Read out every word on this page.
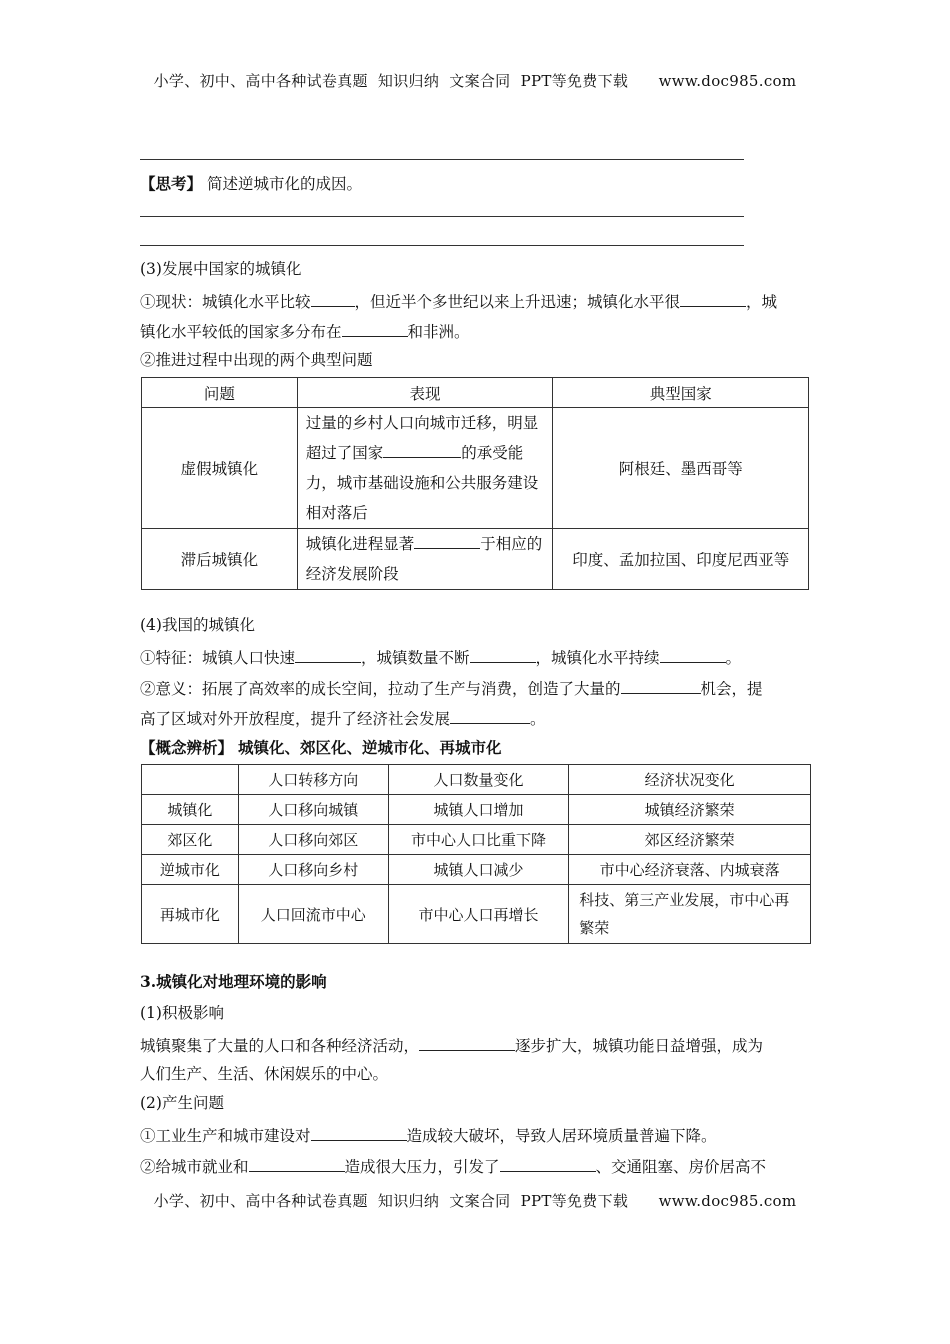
小学、初中、高中各种试卷真题  知识归纳  文案合同  PPT等免费下载      www.doc985.com
【思考】 简述逆城市化的成因。
(3)发展中国家的城镇化
①现状：城镇化水平比较	，但近半个多世纪以来上升迅速；城镇化水平很	，城
镇化水平较低的国家多分布在	和非洲。
②推进过程中出现的两个典型问题
问题	表现	典型国家
虚假城镇化	过量的乡村人口向城市迁移，明显超过了国家 的承受能力，城市基础设施和公共服务建设相对落后	阿根廷、墨西哥等
滞后城镇化	城镇化进程显著 于相应的经济发展阶段	印度、孟加拉国、印度尼西亚等
(4)我国的城镇化
①特征：城镇人口快速	，城镇数量不断	，城镇化水平持续	。
②意义：拓展了高效率的成长空间，拉动了生产与消费，创造了大量的	机会，提
高了区域对外开放程度，提升了经济社会发展	。
【概念辨析】 城镇化、郊区化、逆城市化、再城市化
	人口转移方向	人口数量变化	经济状况变化
城镇化	人口移向城镇	城镇人口增加	城镇经济繁荣
郊区化	人口移向郊区	市中心人口比重下降	郊区经济繁荣
逆城市化	人口移向乡村	城镇人口减少	市中心经济衰落、内城衰落
再城市化	人口回流市中心	市中心人口再增长	科技、第三产业发展，市中心再繁荣
3.城镇化对地理环境的影响
(1)积极影响
城镇聚集了大量的人口和各种经济活动，	逐步扩大，城镇功能日益增强，成为
人们生产、生活、休闲娱乐的中心。
(2)产生问题
①工业生产和城市建设对	造成较大破坏，导致人居环境质量普遍下降。
②给城市就业和	造成很大压力，引发了	、交通阻塞、房价居高不
小学、初中、高中各种试卷真题  知识归纳  文案合同  PPT等免费下载      www.doc985.com
